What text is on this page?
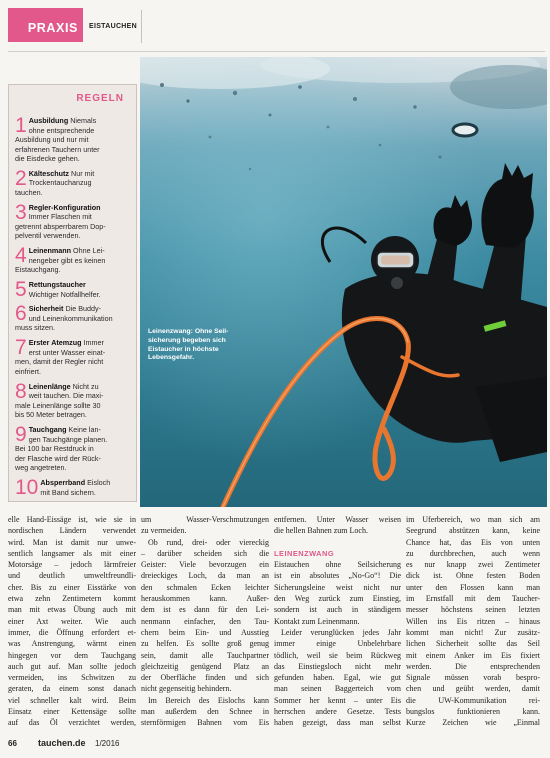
PRAXIS EISTAUCHEN
REGELN
1 Ausbildung Niemals
ohne entsprechende
Ausbildung und nur mit
erfahrenen Tauchern unter
die Eisdecke gehen.
2 Kälteschutz Nur mit
Trockentauchanzug
tauchen.
3 Regler-Konfiguration
Immer Flaschen mit
getrennt absperrbarem Dop-
pelventil verwenden.
4 Leinenmann Ohne Lei-
nengeber gibt es keinen
Eistauchgang.
5 Rettungstaucher
Wichtiger Notfallhelfer.
6 Sicherheit Die Buddy-
und Leinenkommunikation
muss sitzen.
7 Erster Atemzug Immer
erst unter Wasser einat-
men, damit der Regler nicht
einfriert.
8 Leinenlänge Nicht zu
weit tauchen. Die maxi-
male Leinenlänge sollte 30
bis 50 Meter betragen.
9 Tauchgang Keine lan-
gen Tauchgänge planen.
Bei 100 bar Restdruck in
der Flasche wird der Rück-
weg angetreten.
10 Absperrband Eisloch
mit Band sichern.
Leinenzwang: Ohne Seil-
sicherung begeben sich
Eistaucher in höchste
Lebensgefahr.
elle Hand-Eissäge ist, wie sie in
nordischen Ländern verwendet
wird. Man ist damit nur unwe-
sentlich langsamer als mit einer
Motorsäge – jedoch lärmfreier
und deutlich umweltfreundli-
cher. Bis zu einer Eisstärke von
etwa zehn Zentimetern kommt
man mit etwas Übung auch mit
einer Axt weiter. Wie auch
immer, die Öffnung erfordert et-
was Anstrengung, wärmt einen
hingegen vor dem Tauchgang
auch gut auf. Man sollte jedoch
vermeiden, ins Schwitzen zu
geraten, da einem sonst danach
viel schneller kalt wird. Beim
Einsatz einer Kettensäge sollte
auf das Öl verzichtet werden,
um Wasser-Verschmutzungen
zu vermeiden.
Ob rund, drei- oder viereckig
– darüber scheiden sich die
Geister: Viele bevorzugen ein
dreieckiges Loch, da man an
den schmalen Ecken leichter
herauskommen kann. Außer-
dem ist es dann für den Lei-
nenmann einfacher, den Tau-
chern beim Ein- und Ausstieg
zu helfen. Es sollte groß genug
sein, damit alle Tauchpartner
gleichzeitig genügend Platz an
der Oberfläche finden und sich
nicht gegenseitig behindern.
Im Bereich des Eislochs kann
man außerdem den Schnee in
sternförmigen Bahnen vom Eis
entfernen. Unter Wasser weisen
die hellen Bahnen zum Loch.
LEINENZWANG
Eistauchen ohne Seilsicherung
ist ein absolutes „No-Go“! Die
Sicherungsleine weist nicht nur
den Weg zurück zum Einstieg,
sondern ist auch in ständigem
Kontakt zum Leinenmann.
Leider verunglücken jedes Jahr
immer einige Unbelehrbare
tödlich, weil sie beim Rückweg
das Einstiegsloch nicht mehr
gefunden haben. Egal, wie gut
man seinen Baggerteich vom
Sommer her kennt – unter Eis
herrschen andere Gesetze. Tests
haben gezeigt, dass man selbst
im Uferbereich, wo man sich am
Seegrund abstützen kann, keine
Chance hat, das Eis von unten
zu durchbrechen, auch wenn
es nur knapp zwei Zentimeter
dick ist. Ohne festen Boden
unter den Flossen kann man
im Ernstfall mit dem Taucher-
messer höchstens seinen letzten
Willen ins Eis ritzen – hinaus
kommt man nicht! Zur zusätz-
lichen Sicherheit sollte das Seil
mit einem Anker im Eis fixiert
werden. Die entsprechenden
Signale müssen vorab bespro-
chen und geübt werden, damit
die UW-Kommunikation rei-
bungslos funktionieren kann.
Kurze Zeichen wie „Einmal
66 tauchen.de 1/2016
